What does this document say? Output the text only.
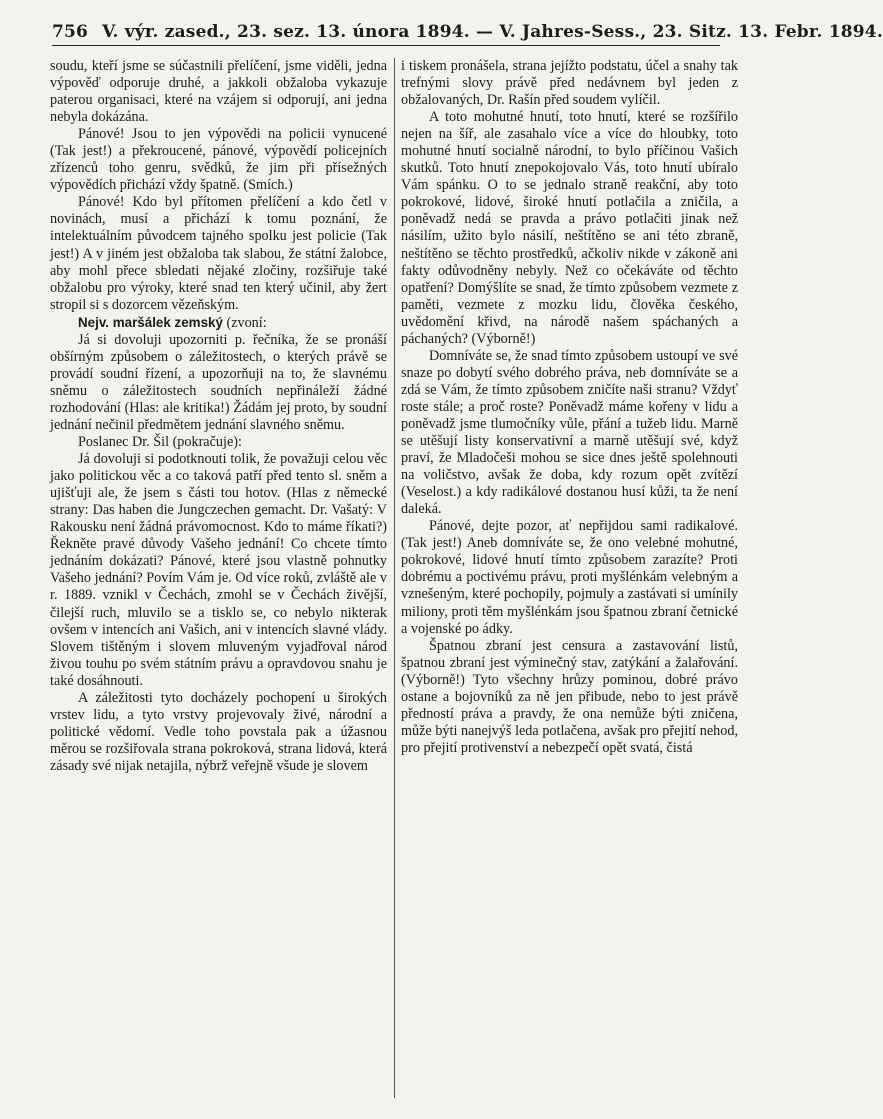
756 V. výr. zased., 23. sez. 13. února 1894. — V. Jahres-Sess., 23. Sitz. 13. Febr. 1894.

soudu, kteří jsme se súčastnili přelíčení, jsme viděli, jedna výpověď odporuje druhé, a jakkoli obžaloba vykazuje paterou organisaci, které na vzájem si odporují, ani jedna nebyla dokázána.

Pánové! Jsou to jen výpovědi na policii vynucené (Tak jest!) a překroucené, pánové, výpovědí policejních zřízenců toho genru, svědků, že jim při přísežných výpovědích přichází vždy špatně. (Smích.)

Pánové! Kdo byl přítomen přelíčení a kdo četl v novinách, musí a přichází k tomu poznání, že intelektuálním původcem tajného spolku jest policie (Tak jest!) A v jiném jest obžaloba tak slabou, že státní žalobce, aby mohl přece sbledati nějaké zločiny, rozšiřuje také obžalobu pro výroky, které snad ten který učinil, aby žert stropil si s dozorcem vězeňským.

Nejv. maršálek zemský (zvoní:

Já si dovoluji upozorniti p. řečníka, že se pronáší obšírným způsobem o záležitostech, o kterých právě se provádí soudní řízení, a upozorňuji na to, že slavnému sněmu o záležitostech soudních nepřináleží žádné rozhodování (Hlas: ale kritika!) Žádám jej proto, by soudní jednání nečinil předmětem jednání slavného sněmu.

Poslanec Dr. Šil (pokračuje):

Já dovoluji si podotknouti tolik, že považuji celou věc jako politickou věc a co taková patří před tento sl. sněm a ujišťuji ale, že jsem s části tou hotov. (Hlas z německé strany: Das haben die Jungczechen gemacht. Dr. Vašatý: V Rakousku není žádná právomocnost. Kdo to máme říkati?) Řekněte pravé důvody Vašeho jednání! Co chcete tímto jednáním dokázati? Pánové, které jsou vlastně pohnutky Vašeho jednání? Povím Vám je. Od více roků, zvláště ale v r. 1889. vznikl v Čechách, zmohl se v Čechách živější, čilejší ruch, mluvilo se a tisklo se, co nebylo nikterak ovšem v intencích ani Vašich, ani v intencích slavné vlády. Slovem tištěným i slovem mluveným vyjadřoval národ živou touhu po svém státním právu a opravdovou snahu je také dosáhnouti.

A záležitosti tyto docházely pochopení u širokých vrstev lidu, a tyto vrstvy projevovaly živé, národní a politické vědomí. Vedle toho povstala pak a úžasnou měrou se rozšiřovala strana pokroková, strana lidová, která zásady své nijak netajila, nýbrž veřejně všude je slovem

i tiskem pronášela, strana jejížto podstatu, účel a snahy tak trefnými slovy právě před nedávnem byl jeden z obžalovaných, Dr. Rašín před soudem vylíčil.

A toto mohutné hnutí, toto hnutí, které se rozšířilo nejen na šíř, ale zasahalo více a více do hloubky, toto mohutné hnutí socialně národní, to bylo příčinou Vašich skutků. Toto hnutí znepokojovalo Vás, toto hnutí ubíralo Vám spánku. O to se jednalo straně reakční, aby toto pokrokové, lidové, široké hnutí potlačila a zničila, a poněvadž nedá se pravda a právo potlačiti jinak než násilím, užito bylo násilí, neštítěno se ani této zbraně, neštítěno se těchto prostředků, ačkoliv nikde v zákoně ani fakty odůvodněny nebyly. Než co očekáváte od těchto opatření? Domýšlíte se snad, že tímto způsobem vezmete z paměti, vezmete z mozku lidu, člověka českého, uvědomění křivd, na národě našem spáchaných a páchaných? (Výborně!)

Domníváte se, že snad tímto způsobem ustoupí ve své snaze po dobytí svého dobrého práva, neb domníváte se a zdá se Vám, že tímto způsobem zničíte naši stranu? Vždyť roste stále; a proč roste? Poněvadž máme kořeny v lidu a poněvadž jsme tlumočníky vůle, přání a tužeb lidu. Marně se utěšují listy konservativní a marně utěšují své, když praví, že Mladočeši mohou se sice dnes ještě spolehnouti na voličstvo, avšak že doba, kdy rozum opět zvítězí (Veselost.) a kdy radikálové dostanou husí kůži, ta že není daleká.

Pánové, dejte pozor, ať nepřijdou sami radikalové. (Tak jest!) Aneb domníváte se, že ono velebné mohutné, pokrokové, lidové hnutí tímto způsobem zarazíte? Proti dobrému a poctivému právu, proti myšlénkám velebným a vznešeným, které pochopily, pojmuly a zastávati si umínily miliony, proti těm myšlénkám jsou špatnou zbraní četnické a vojenské po ádky.

Špatnou zbraní jest censura a zastavování listů, špatnou zbraní jest výminečný stav, zatýkání a žalařování. (Výborně!) Tyto všechny hrůzy pominou, dobré právo ostane a bojovníků za ně jen přibude, nebo to jest právě předností práva a pravdy, že ona nemůže býti zničena, může býti nanejvýš leda potlačena, avšak pro přejití nehod, pro přejití protivenství a nebezpečí opět svatá, čistá
